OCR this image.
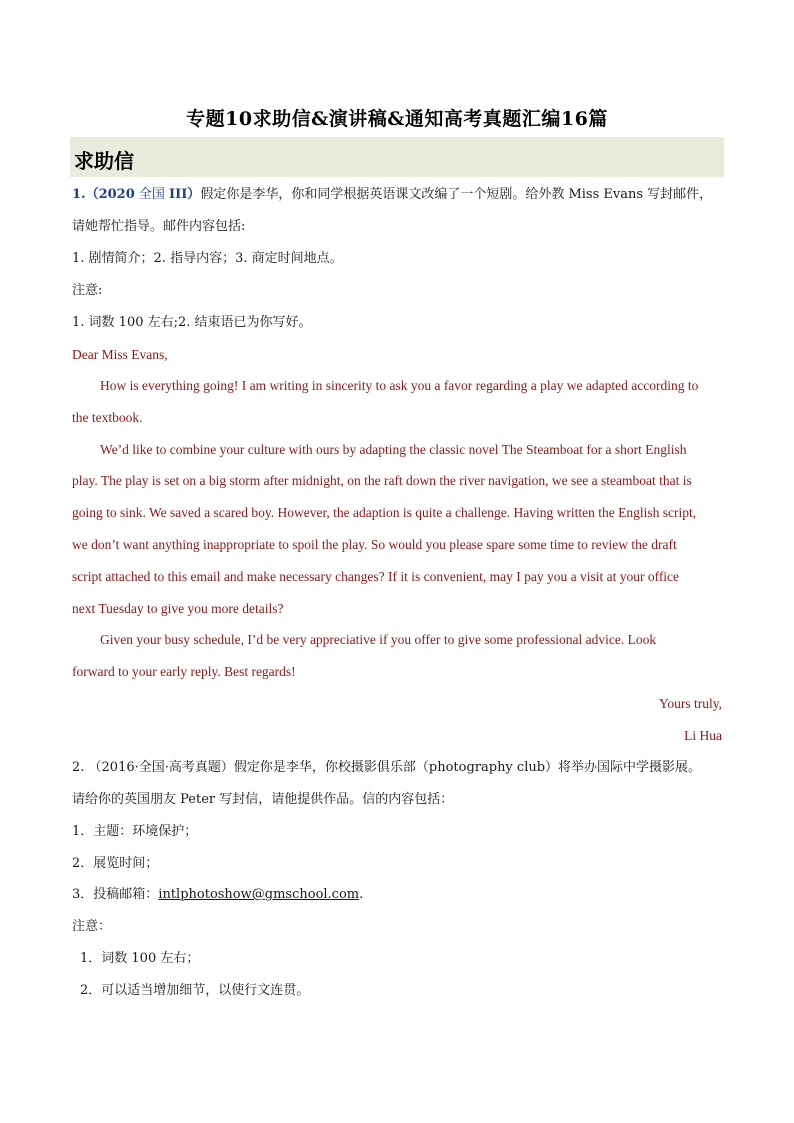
专题10求助信&演讲稿&通知高考真题汇编16篇
求助信
1.（2020 全国 III）假定你是李华，你和同学根据英语课文改编了一个短剧。给外教 Miss Evans 写封邮件，
请她帮忙指导。邮件内容包括:
1. 剧情简介；2. 指导内容；3. 商定时间地点。
注意:
1. 词数 100 左右;2. 结束语已为你写好。
Dear Miss Evans,
How is everything going! I am writing in sincerity to ask you a favor regarding a play we adapted according to
the textbook.
We’d like to combine your culture with ours by adapting the classic novel The Steamboat for a short English
play. The play is set on a big storm after midnight, on the raft down the river navigation, we see a steamboat that is
going to sink. We saved a scared boy. However, the adaption is quite a challenge. Having written the English script,
we don’t want anything inappropriate to spoil the play. So would you please spare some time to review the draft
script attached to this email and make necessary changes? If it is convenient, may I pay you a visit at your office
next Tuesday to give you more details?
Given your busy schedule, I’d be very appreciative if you offer to give some professional advice. Look
forward to your early reply. Best regards!
Yours truly,
Li Hua
2. （2016·全国·高考真题）假定你是李华，你校摄影俱乐部（photography club）将举办国际中学摄影展。
请给你的英国朋友 Peter 写封信，请他提供作品。信的内容包括：
1．主题：环境保护；
2．展览时间；
3．投稿邮箱：intlphotoshow@gmschool.com.
注意：
1．词数 100 左右；
2．可以适当增加细节，以使行文连贯。
